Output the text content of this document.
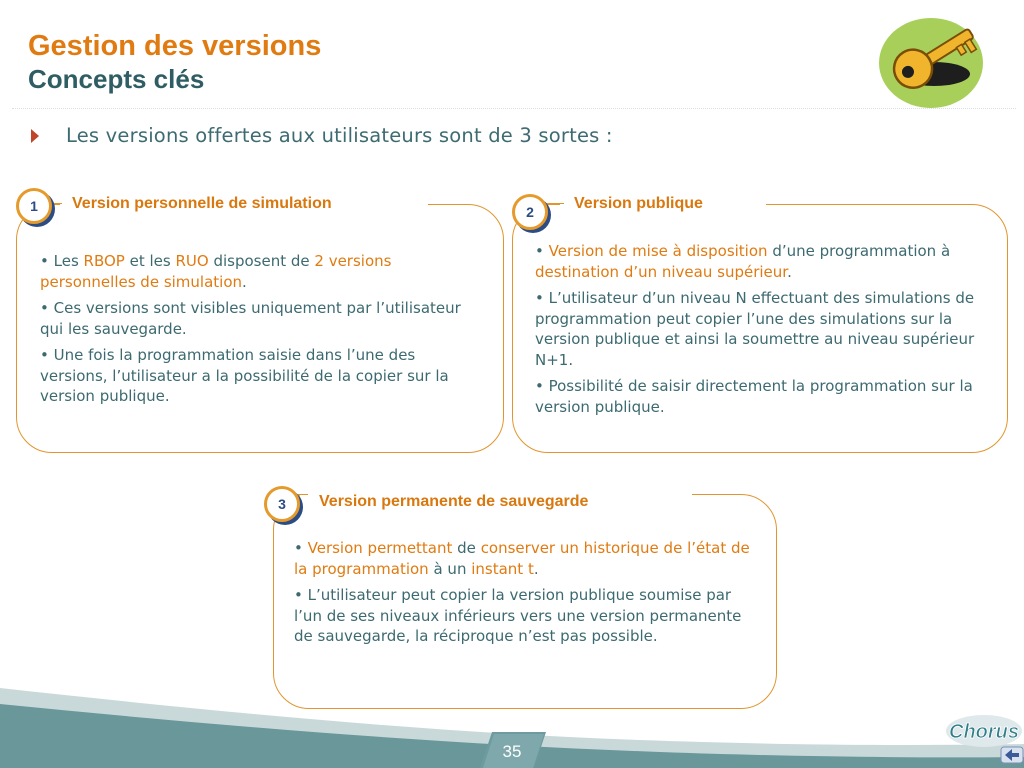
Gestion des versions
Concepts clés
Les versions offertes aux utilisateurs sont de 3 sortes :
1	Version personnelle de simulation

• Les RBOP et les RUO disposent de 2 versions personnelles de simulation.

• Ces versions sont visibles uniquement par l’utilisateur qui les sauvegarde.

• Une fois la programmation saisie dans l’une des versions, l’utilisateur a la possibilité de la copier sur la version publique.

2	Version publique

• Version de mise à disposition d’une programmation à destination d’un niveau supérieur.

• L’utilisateur d’un niveau N effectuant des simulations de programmation peut copier l’une des simulations sur la version publique et ainsi la soumettre au niveau supérieur N+1.

• Possibilité de saisir directement la programmation sur la version publique.

3	Version permanente de sauvegarde

• Version permettant de conserver un historique de l’état de la programmation à un instant t.

• L’utilisateur peut copier la version publique soumise par l’un de ses niveaux inférieurs vers une version permanente de sauvegarde, la réciproque n’est pas possible.

35
Chorus
